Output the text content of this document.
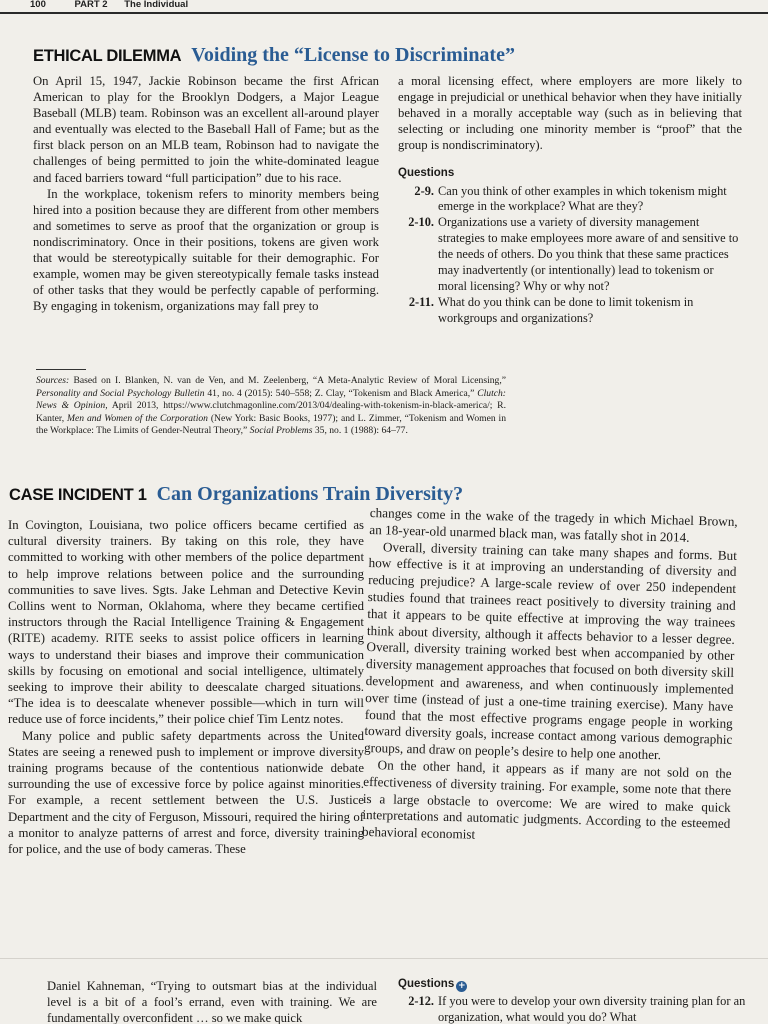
100	PART 2 The Individual
ETHICAL DILEMMA Voiding the “License to Discriminate”

On April 15, 1947, Jackie Robinson became the first African American to play for the Brooklyn Dodgers, a Major League Baseball (MLB) team. Robinson was an excellent all-around player and eventually was elected to the Baseball Hall of Fame; but as the first black person on an MLB team, Robinson had to navigate the challenges of being permitted to join the white-dominated league and faced barriers toward “full participation” due to his race.

In the workplace, tokenism refers to minority members being hired into a position because they are different from other members and sometimes to serve as proof that the organization or group is nondiscriminatory. Once in their positions, tokens are given work that would be stereotypically suitable for their demographic. For example, women may be given stereotypically female tasks instead of other tasks that they would be perfectly capable of performing. By engaging in tokenism, organizations may fall prey to

a moral licensing effect, where employers are more likely to engage in prejudicial or unethical behavior when they have initially behaved in a morally acceptable way (such as in believing that selecting or including one minority member is “proof” that the group is nondiscriminatory).

Questions
2-9. Can you think of other examples in which tokenism might emerge in the workplace? What are they?
2-10. Organizations use a variety of diversity management strategies to make employees more aware of and sensitive to the needs of others. Do you think that these same practices may inadvertently (or intentionally) lead to tokenism or moral licensing? Why or why not?
2-11. What do you think can be done to limit tokenism in workgroups and organizations?
Sources: Based on I. Blanken, N. van de Ven, and M. Zeelenberg, “A Meta-Analytic Review of Moral Licensing,” Personality and Social Psychology Bulletin 41, no. 4 (2015): 540–558; Z. Clay, “Tokenism and Black America,” Clutch: News & Opinion, April 2013, https://www.clutchmagonline.com/2013/04/dealing-with-tokenism-in-black-america/; R. Kanter, Men and Women of the Corporation (New York: Basic Books, 1977); and L. Zimmer, “Tokenism and Women in the Workplace: The Limits of Gender-Neutral Theory,” Social Problems 35, no. 1 (1988): 64–77.
CASE INCIDENT 1 Can Organizations Train Diversity?

In Covington, Louisiana, two police officers became certified as cultural diversity trainers. By taking on this role, they have committed to working with other members of the police department to help improve relations between police and the surrounding communities to save lives. Sgts. Jake Lehman and Detective Kevin Collins went to Norman, Oklahoma, where they became certified instructors through the Racial Intelligence Training & Engagement (RITE) academy. RITE seeks to assist police officers in learning ways to understand their biases and improve their communication skills by focusing on emotional and social intelligence, ultimately seeking to improve their ability to deescalate charged situations. “The idea is to deescalate whenever possible—which in turn will reduce use of force incidents,” their police chief Tim Lentz notes.

Many police and public safety departments across the United States are seeing a renewed push to implement or improve diversity training programs because of the contentious nationwide debate surrounding the use of excessive force by police against minorities. For example, a recent settlement between the U.S. Justice Department and the city of Ferguson, Missouri, required the hiring of a monitor to analyze patterns of arrest and force, diversity training for police, and the use of body cameras. These

changes come in the wake of the tragedy in which Michael Brown, an 18-year-old unarmed black man, was fatally shot in 2014.

Overall, diversity training can take many shapes and forms. But how effective is it at improving an understanding of diversity and reducing prejudice? A large-scale review of over 250 independent studies found that trainees react positively to diversity training and that it appears to be quite effective at improving the way trainees think about diversity, although it affects behavior to a lesser degree. Overall, diversity training worked best when accompanied by other diversity management approaches that focused on both diversity skill development and awareness, and when continuously implemented over time (instead of just a one-time training exercise). Many have found that the most effective programs engage people in working toward diversity goals, increase contact among various demographic groups, and draw on people’s desire to help one another.

On the other hand, it appears as if many are not sold on the effectiveness of diversity training. For example, some note that there is a large obstacle to overcome: We are wired to make quick interpretations and automatic judgments. According to the esteemed behavioral economist

Daniel Kahneman, “Trying to outsmart bias at the individual level is a bit of a fool’s errand, even with training. We are fundamentally overconfident … so we make quick
Questions +
2-12. If you were to develop your own diversity training plan for an organization, what would you do? What
